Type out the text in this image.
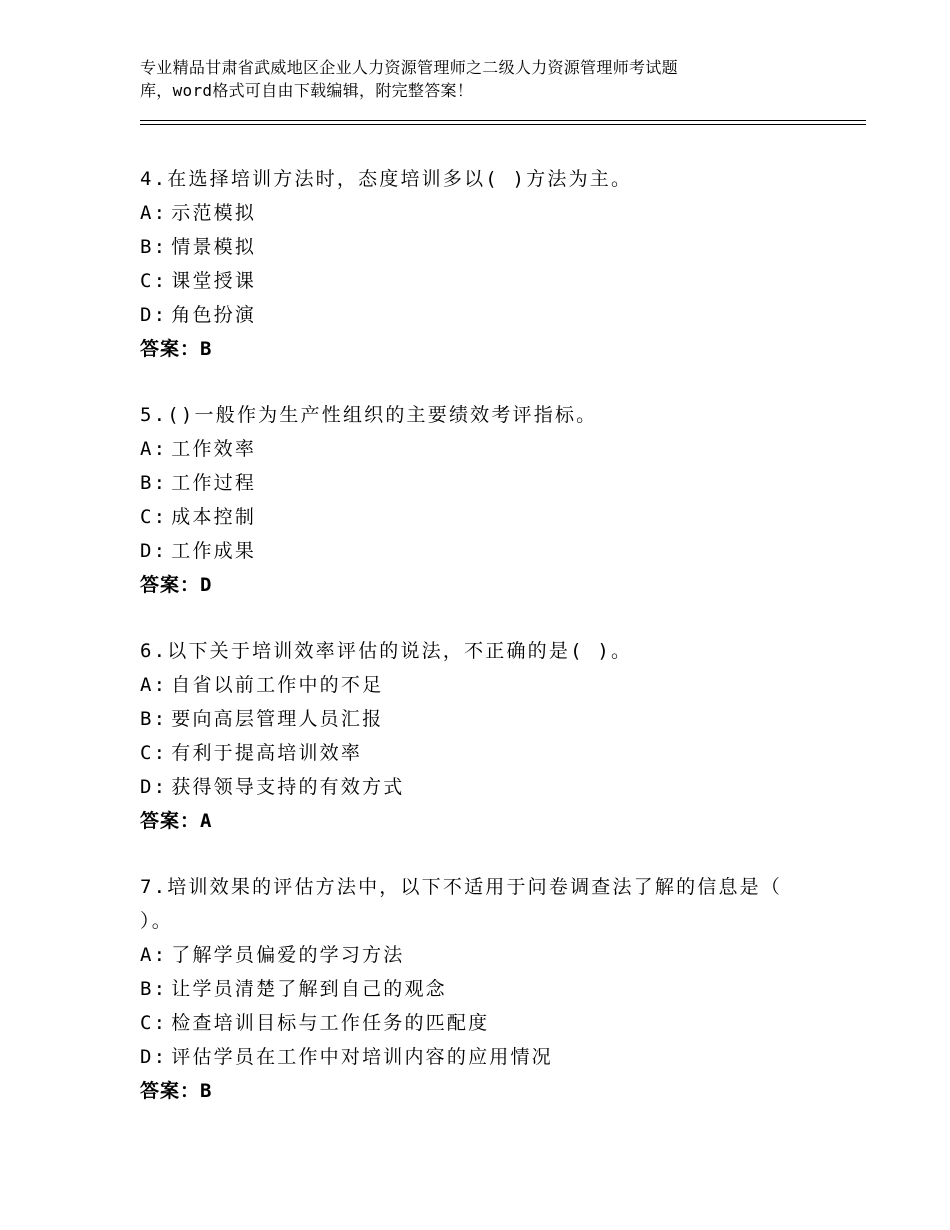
专业精品甘肃省武威地区企业人力资源管理师之二级人力资源管理师考试题
库，word格式可自由下载编辑，附完整答案！

4.在选择培训方法时，态度培训多以( )方法为主。

A: 示范模拟

B: 情景模拟

C: 课堂授课

D: 角色扮演

答案：B

5.()一般作为生产性组织的主要绩效考评指标。

A: 工作效率

B: 工作过程

C: 成本控制

D: 工作成果

答案：D

6.以下关于培训效率评估的说法，不正确的是( )。

A: 自省以前工作中的不足

B: 要向高层管理人员汇报

C: 有利于提高培训效率

D: 获得领导支持的有效方式

答案：A

7.培训效果的评估方法中，以下不适用于问卷调查法了解的信息是（ ）。

A: 了解学员偏爱的学习方法

B: 让学员清楚了解到自己的观念

C: 检查培训目标与工作任务的匹配度

D: 评估学员在工作中对培训内容的应用情况

答案：B
